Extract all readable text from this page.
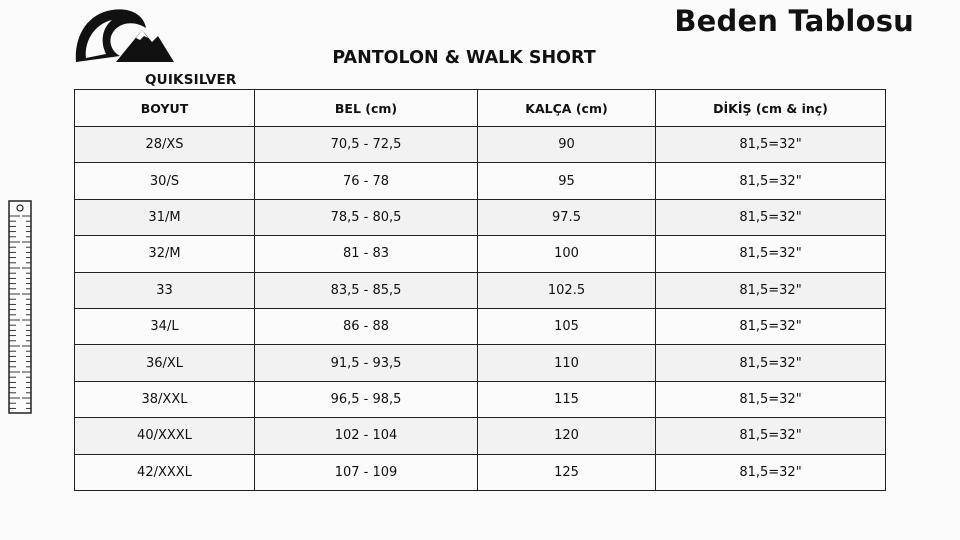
QUIKSILVER
Beden Tablosu
PANTOLON & WALK SHORT
BOYUT	BEL (cm)	KALÇA (cm)	DİKİŞ (cm & inç)
28/XS	70,5 - 72,5	90	81,5=32"
30/S	76 - 78	95	81,5=32"
31/M	78,5 - 80,5	97.5	81,5=32"
32/M	81 - 83	100	81,5=32"
33	83,5 - 85,5	102.5	81,5=32"
34/L	86 - 88	105	81,5=32"
36/XL	91,5 - 93,5	110	81,5=32"
38/XXL	96,5 - 98,5	115	81,5=32"
40/XXXL	102 - 104	120	81,5=32"
42/XXXL	107 - 109	125	81,5=32"
